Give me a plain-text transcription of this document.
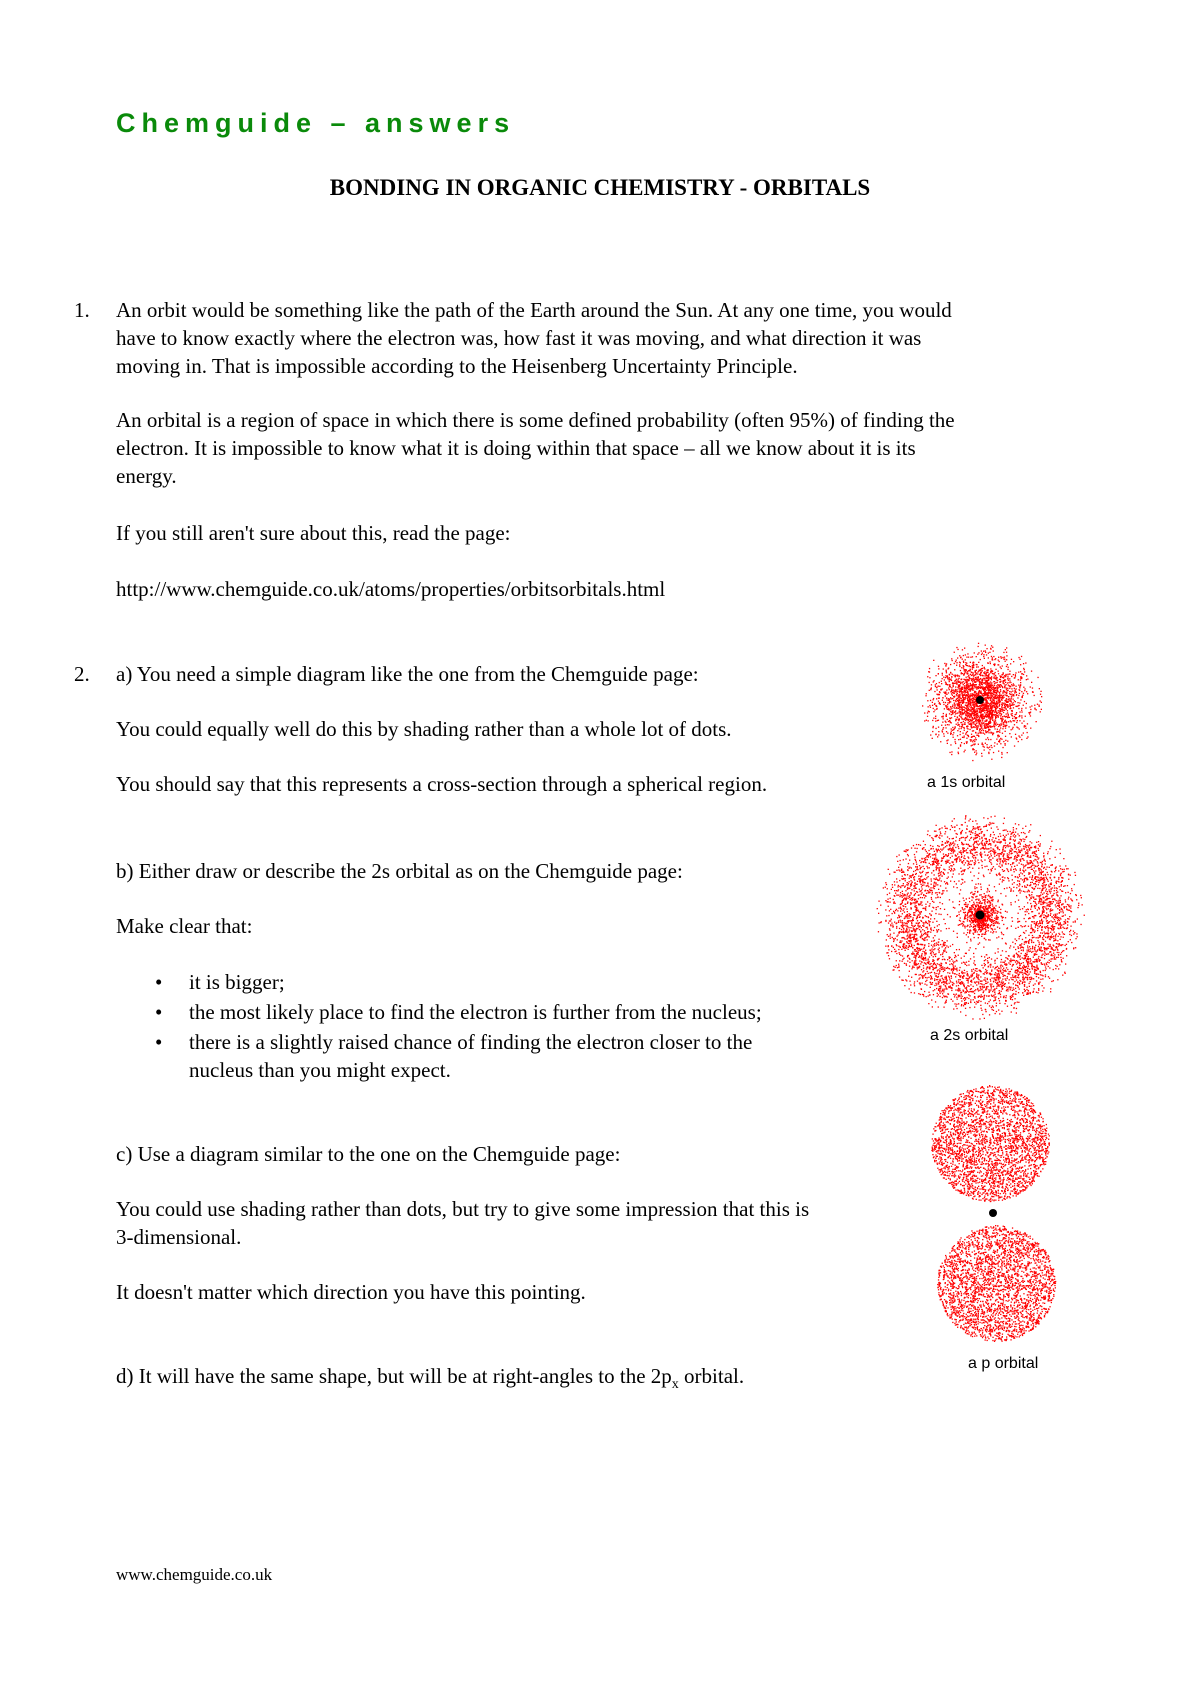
Chemguide – answers
BONDING IN ORGANIC CHEMISTRY - ORBITALS
1. An orbit would be something like the path of the Earth around the Sun. At any one time, you would
have to know exactly where the electron was, how fast it was moving, and what direction it was
moving in. That is impossible according to the Heisenberg Uncertainty Principle.
An orbital is a region of space in which there is some defined probability (often 95%) of finding the
electron. It is impossible to know what it is doing within that space – all we know about it is its
energy.
If you still aren't sure about this, read the page:
http://www.chemguide.co.uk/atoms/properties/orbitsorbitals.html
2. a) You need a simple diagram like the one from the Chemguide page:
You could equally well do this by shading rather than a whole lot of dots.
You should say that this represents a cross-section through a spherical region.
b) Either draw or describe the 2s orbital as on the Chemguide page:
Make clear that:
• it is bigger;
• the most likely place to find the electron is further from the nucleus;
• there is a slightly raised chance of finding the electron closer to the
nucleus than you might expect.
c) Use a diagram similar to the one on the Chemguide page:
You could use shading rather than dots, but try to give some impression that this is
3-dimensional.
It doesn't matter which direction you have this pointing.
d) It will have the same shape, but will be at right-angles to the $2p_x$ orbital.
a 1s orbital
a 2s orbital
a p orbital
www.chemguide.co.uk
